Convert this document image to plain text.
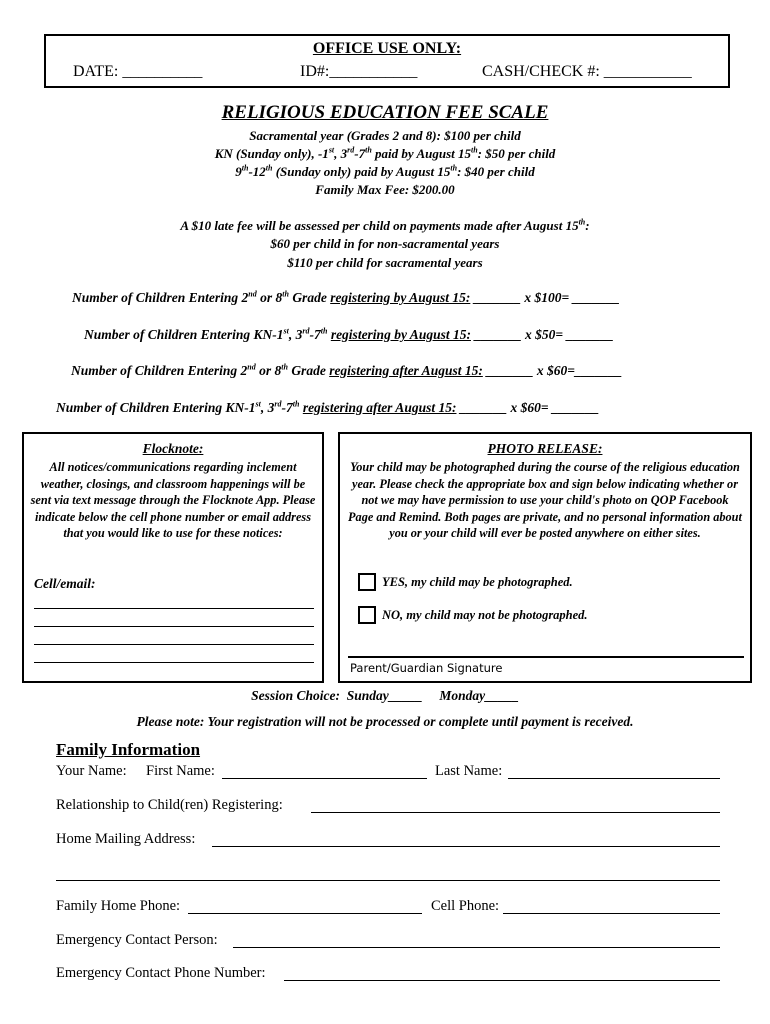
OFFICE USE ONLY:
DATE: __________	ID#:___________	CASH/CHECK #: ___________
RELIGIOUS EDUCATION FEE SCALE
Sacramental year (Grades 2 and 8): $100 per child
KN (Sunday only), -1st, 3rd-7th paid by August 15th: $50 per child
9th-12th (Sunday only) paid by August 15th: $40 per child
Family Max Fee: $200.00
A $10 late fee will be assessed per child on payments made after August 15th:
$60 per child in for non-sacramental years
$110 per child for sacramental years
Number of Children Entering 2nd or 8th Grade registering by August 15: _______ x $100= _______
Number of Children Entering KN-1st, 3rd-7th registering by August 15: _______ x $50= _______
Number of Children Entering 2nd or 8th Grade registering after August 15: _______ x $60=_______
Number of Children Entering KN-1st, 3rd-7th registering after August 15: _______ x $60= _______
Flocknote:
All notices/communications regarding inclement weather, closings, and classroom happenings will be sent via text message through the Flocknote App. Please indicate below the cell phone number or email address that you would like to use for these notices:
Cell/email:
PHOTO RELEASE:
Your child may be photographed during the course of the religious education year. Please check the appropriate box and sign below indicating whether or not we may have permission to use your child's photo on QOP Facebook Page and Remind. Both pages are private, and no personal information about you or your child will ever be posted anywhere on either sites.
YES, my child may be photographed.
NO, my child may not be photographed.
Parent/Guardian Signature
Session Choice:  Sunday_____     Monday_____
Please note: Your registration will not be processed or complete until payment is received.
Family Information
Your Name: First Name:	Last Name:
Relationship to Child(ren) Registering:
Home Mailing Address:
Family Home Phone:	Cell Phone:
Emergency Contact Person:
Emergency Contact Phone Number:
